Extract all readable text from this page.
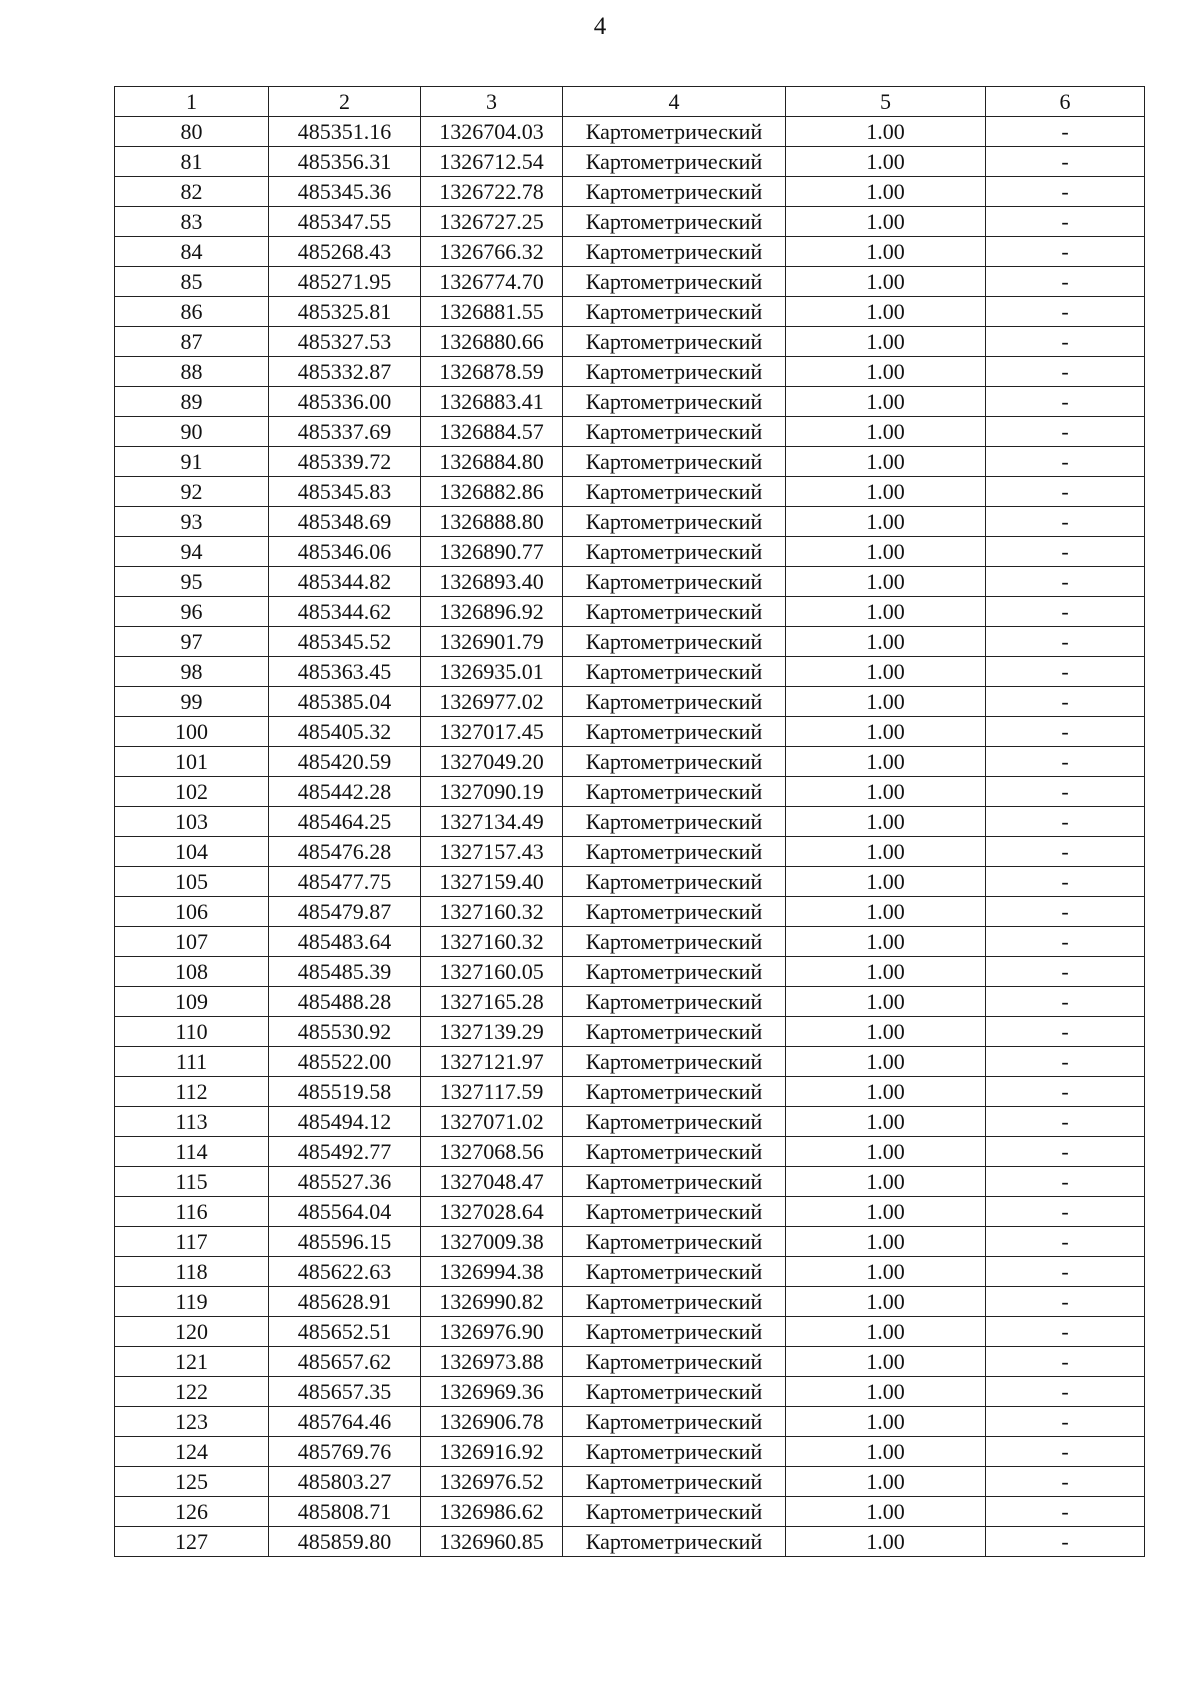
4
1	2	3	4	5	6
80	485351.16	1326704.03	Картометрический	1.00	-
81	485356.31	1326712.54	Картометрический	1.00	-
82	485345.36	1326722.78	Картометрический	1.00	-
83	485347.55	1326727.25	Картометрический	1.00	-
84	485268.43	1326766.32	Картометрический	1.00	-
85	485271.95	1326774.70	Картометрический	1.00	-
86	485325.81	1326881.55	Картометрический	1.00	-
87	485327.53	1326880.66	Картометрический	1.00	-
88	485332.87	1326878.59	Картометрический	1.00	-
89	485336.00	1326883.41	Картометрический	1.00	-
90	485337.69	1326884.57	Картометрический	1.00	-
91	485339.72	1326884.80	Картометрический	1.00	-
92	485345.83	1326882.86	Картометрический	1.00	-
93	485348.69	1326888.80	Картометрический	1.00	-
94	485346.06	1326890.77	Картометрический	1.00	-
95	485344.82	1326893.40	Картометрический	1.00	-
96	485344.62	1326896.92	Картометрический	1.00	-
97	485345.52	1326901.79	Картометрический	1.00	-
98	485363.45	1326935.01	Картометрический	1.00	-
99	485385.04	1326977.02	Картометрический	1.00	-
100	485405.32	1327017.45	Картометрический	1.00	-
101	485420.59	1327049.20	Картометрический	1.00	-
102	485442.28	1327090.19	Картометрический	1.00	-
103	485464.25	1327134.49	Картометрический	1.00	-
104	485476.28	1327157.43	Картометрический	1.00	-
105	485477.75	1327159.40	Картометрический	1.00	-
106	485479.87	1327160.32	Картометрический	1.00	-
107	485483.64	1327160.32	Картометрический	1.00	-
108	485485.39	1327160.05	Картометрический	1.00	-
109	485488.28	1327165.28	Картометрический	1.00	-
110	485530.92	1327139.29	Картометрический	1.00	-
111	485522.00	1327121.97	Картометрический	1.00	-
112	485519.58	1327117.59	Картометрический	1.00	-
113	485494.12	1327071.02	Картометрический	1.00	-
114	485492.77	1327068.56	Картометрический	1.00	-
115	485527.36	1327048.47	Картометрический	1.00	-
116	485564.04	1327028.64	Картометрический	1.00	-
117	485596.15	1327009.38	Картометрический	1.00	-
118	485622.63	1326994.38	Картометрический	1.00	-
119	485628.91	1326990.82	Картометрический	1.00	-
120	485652.51	1326976.90	Картометрический	1.00	-
121	485657.62	1326973.88	Картометрический	1.00	-
122	485657.35	1326969.36	Картометрический	1.00	-
123	485764.46	1326906.78	Картометрический	1.00	-
124	485769.76	1326916.92	Картометрический	1.00	-
125	485803.27	1326976.52	Картометрический	1.00	-
126	485808.71	1326986.62	Картометрический	1.00	-
127	485859.80	1326960.85	Картометрический	1.00	-
